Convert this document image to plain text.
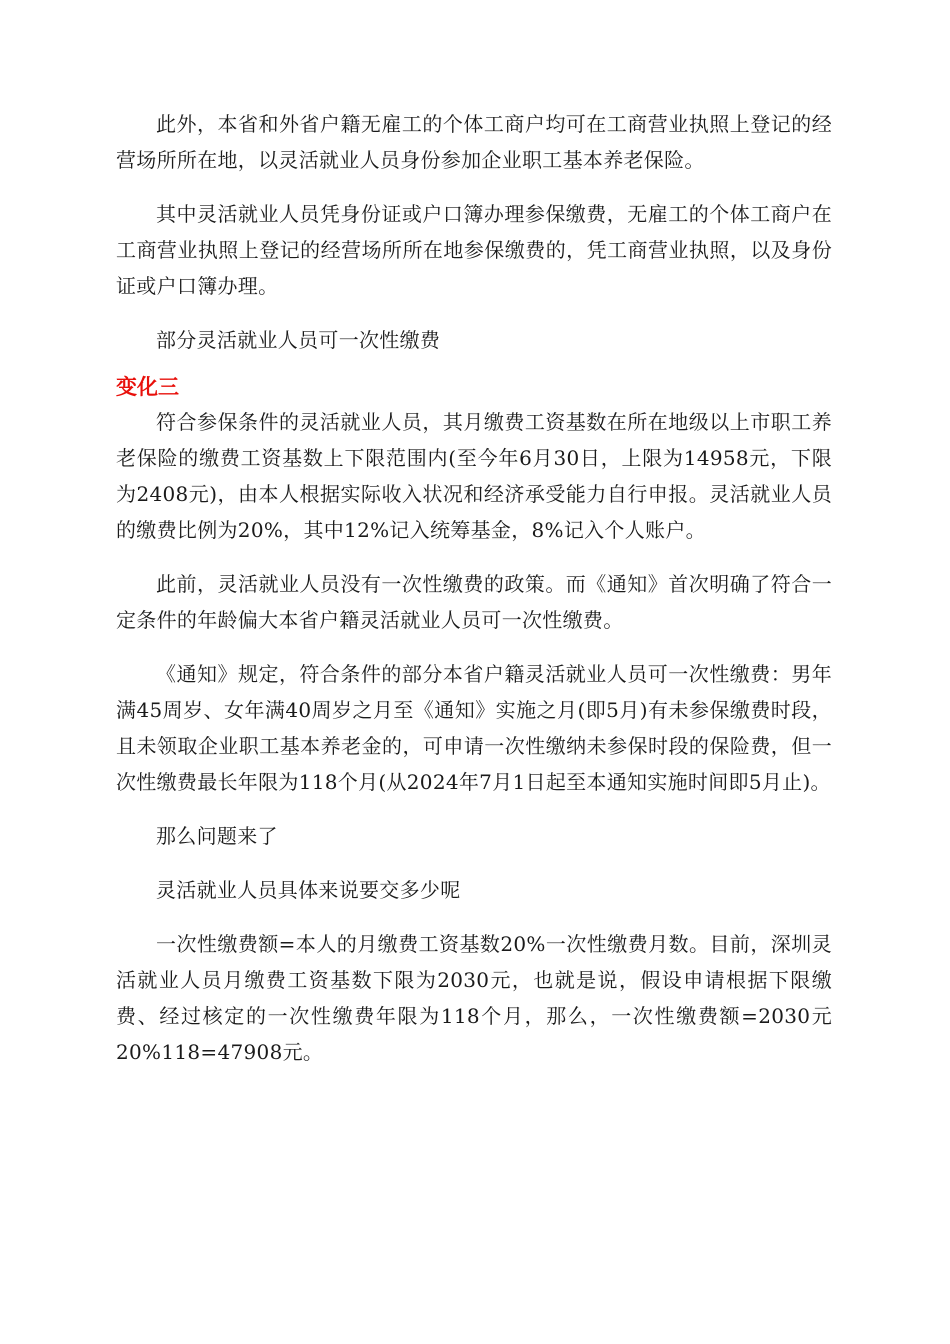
此外，本省和外省户籍无雇工的个体工商户均可在工商营业执照上登记的经营场所所在地，以灵活就业人员身份参加企业职工基本养老保险。

其中灵活就业人员凭身份证或户口簿办理参保缴费，无雇工的个体工商户在工商营业执照上登记的经营场所所在地参保缴费的，凭工商营业执照，以及身份证或户口簿办理。

部分灵活就业人员可一次性缴费

变化三

符合参保条件的灵活就业人员，其月缴费工资基数在所在地级以上市职工养老保险的缴费工资基数上下限范围内(至今年6月30日，上限为14958元，下限为2408元)，由本人根据实际收入状况和经济承受能力自行申报。灵活就业人员的缴费比例为20%，其中12%记入统筹基金，8%记入个人账户。

此前，灵活就业人员没有一次性缴费的政策。而《通知》首次明确了符合一定条件的年龄偏大本省户籍灵活就业人员可一次性缴费。

《通知》规定，符合条件的部分本省户籍灵活就业人员可一次性缴费：男年满45周岁、女年满40周岁之月至《通知》实施之月(即5月)有未参保缴费时段，且未领取企业职工基本养老金的，可申请一次性缴纳未参保时段的保险费，但一次性缴费最长年限为118个月(从2024年7月1日起至本通知实施时间即5月止)。

那么问题来了

灵活就业人员具体来说要交多少呢

一次性缴费额=本人的月缴费工资基数20%一次性缴费月数。目前，深圳灵活就业人员月缴费工资基数下限为2030元，也就是说，假设申请根据下限缴费、经过核定的一次性缴费年限为118个月，那么，一次性缴费额=2030元20%118=47908元。
